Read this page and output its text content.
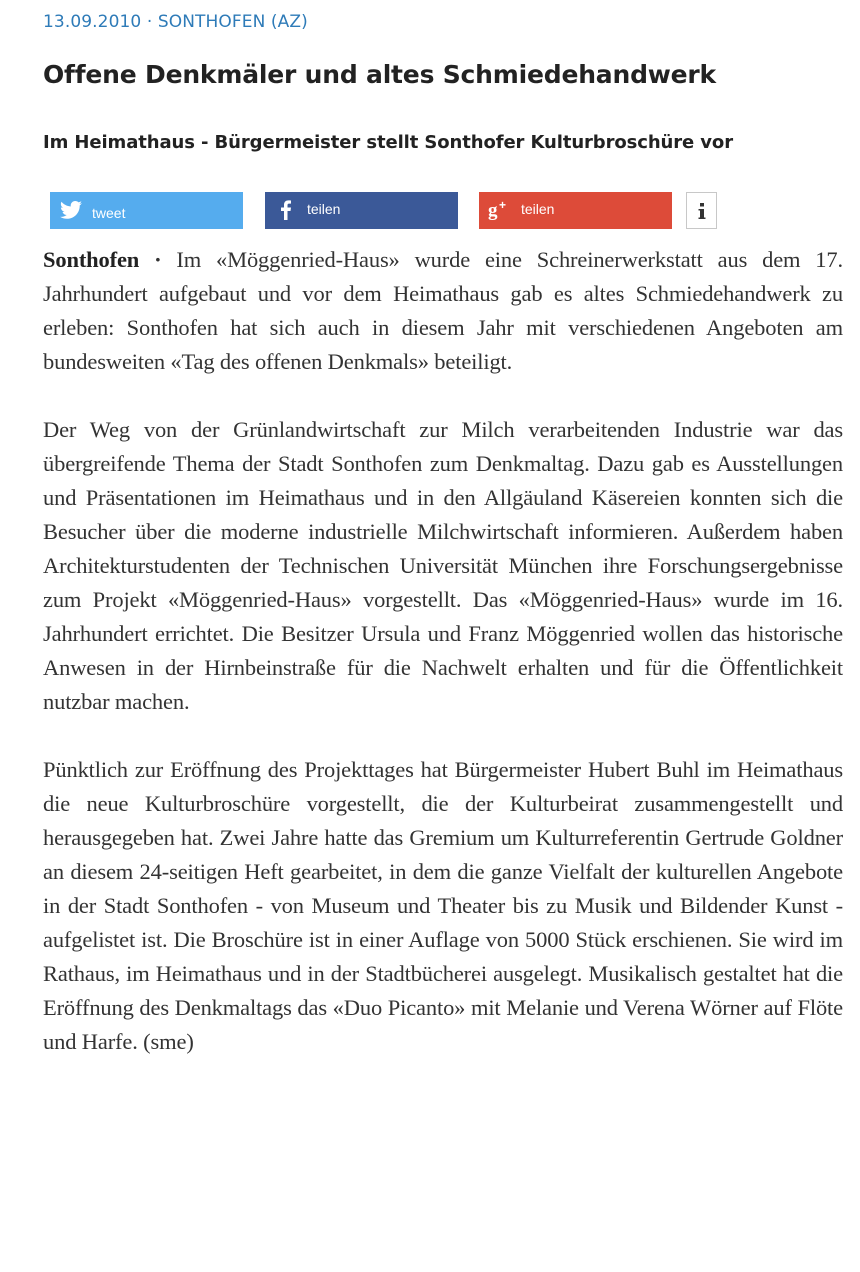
13.09.2010 · SONTHOFEN (AZ)
Offene Denkmäler und altes Schmiedehandwerk
Im Heimathaus - Bürgermeister stellt Sonthofer Kulturbroschüre vor
tweet	teilen	g + teilen

Sonthofen · Im «Möggenried-Haus» wurde eine Schreinerwerkstatt aus dem 17. Jahrhundert aufgebaut und vor dem Heimathaus gab es altes Schmiedehandwerk zu erleben: Sonthofen hat sich auch in diesem Jahr mit verschiedenen Angeboten am bundesweiten «Tag des offenen Denkmals» beteiligt.

Der Weg von der Grünlandwirtschaft zur Milch verarbeitenden Industrie war das übergreifende Thema der Stadt Sonthofen zum Denkmaltag. Dazu gab es Ausstellungen und Präsentationen im Heimathaus und in den Allgäuland Käsereien konnten sich die Besucher über die moderne industrielle Milchwirtschaft informieren. Außerdem haben Architekturstudenten der Technischen Universität München ihre Forschungsergebnisse zum Projekt «Möggenried-Haus» vorgestellt. Das «Möggenried-Haus» wurde im 16. Jahrhundert errichtet. Die Besitzer Ursula und Franz Möggenried wollen das historische Anwesen in der Hirnbeinstraße für die Nachwelt erhalten und für die Öffentlichkeit nutzbar machen.

Pünktlich zur Eröffnung des Projekttages hat Bürgermeister Hubert Buhl im Heimathaus die neue Kulturbroschüre vorgestellt, die der Kulturbeirat zusammengestellt und herausgegeben hat. Zwei Jahre hatte das Gremium um Kulturreferentin Gertrude Goldner an diesem 24-seitigen Heft gearbeitet, in dem die ganze Vielfalt der kulturellen Angebote in der Stadt Sonthofen - von Museum und Theater bis zu Musik und Bildender Kunst - aufgelistet ist. Die Broschüre ist in einer Auflage von 5000 Stück erschienen. Sie wird im Rathaus, im Heimathaus und in der Stadtbücherei ausgelegt. Musikalisch gestaltet hat die Eröffnung des Denkmaltags das «Duo Picanto» mit Melanie und Verena Wörner auf Flöte und Harfe. (sme)
